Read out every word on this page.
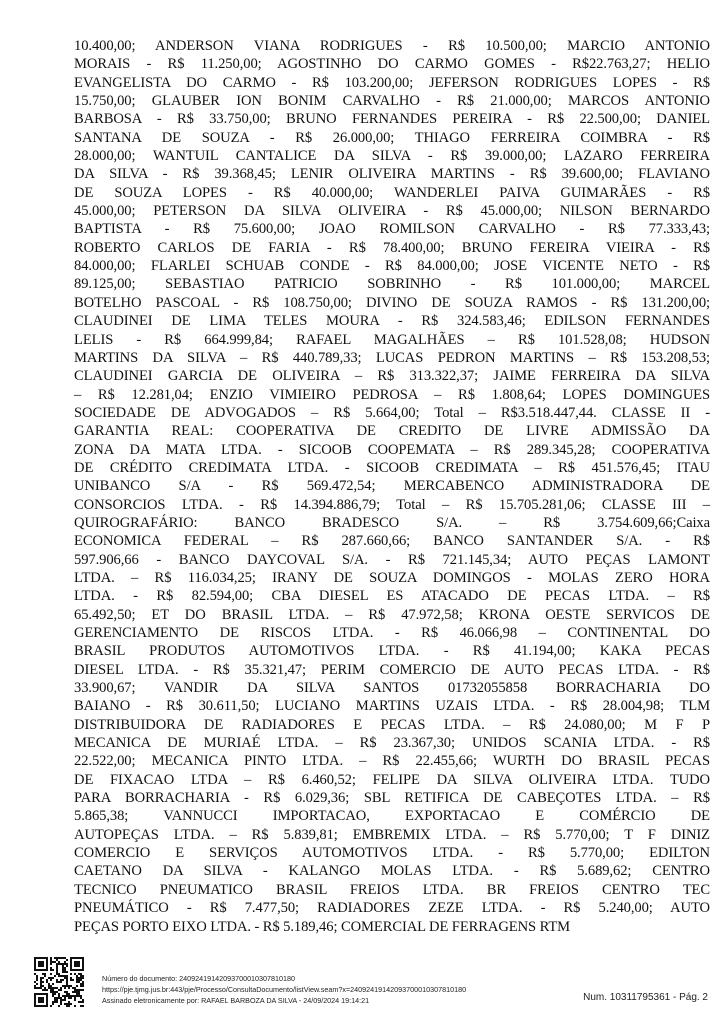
10.400,00; ANDERSON VIANA RODRIGUES - R$ 10.500,00; MARCIO ANTONIO
MORAIS - R$ 11.250,00; AGOSTINHO DO CARMO GOMES - R$22.763,27; HELIO
EVANGELISTA DO CARMO - R$ 103.200,00; JEFERSON RODRIGUES LOPES - R$
15.750,00; GLAUBER ION BONIM CARVALHO - R$ 21.000,00; MARCOS ANTONIO
BARBOSA - R$ 33.750,00; BRUNO FERNANDES PEREIRA - R$ 22.500,00; DANIEL
SANTANA DE SOUZA - R$ 26.000,00; THIAGO FERREIRA COIMBRA - R$
28.000,00; WANTUIL CANTALICE DA SILVA - R$ 39.000,00; LAZARO FERREIRA
DA SILVA - R$ 39.368,45; LENIR OLIVEIRA MARTINS - R$ 39.600,00; FLAVIANO
DE SOUZA LOPES - R$ 40.000,00; WANDERLEI PAIVA GUIMARÃES - R$
45.000,00; PETERSON DA SILVA OLIVEIRA - R$ 45.000,00; NILSON BERNARDO
BAPTISTA - R$ 75.600,00; JOAO ROMILSON CARVALHO - R$ 77.333,43;
ROBERTO CARLOS DE FARIA - R$ 78.400,00; BRUNO FEREIRA VIEIRA - R$
84.000,00; FLARLEI SCHUAB CONDE - R$ 84.000,00; JOSE VICENTE NETO - R$
89.125,00; SEBASTIAO PATRICIO SOBRINHO - R$ 101.000,00; MARCEL
BOTELHO PASCOAL - R$ 108.750,00; DIVINO DE SOUZA RAMOS - R$ 131.200,00;
CLAUDINEI DE LIMA TELES MOURA - R$ 324.583,46; EDILSON FERNANDES
LELIS - R$ 664.999,84; RAFAEL MAGALHÃES – R$ 101.528,08; HUDSON
MARTINS DA SILVA – R$ 440.789,33; LUCAS PEDRON MARTINS – R$ 153.208,53;
CLAUDINEI GARCIA DE OLIVEIRA – R$ 313.322,37; JAIME FERREIRA DA SILVA
– R$ 12.281,04; ENZIO VIMIEIRO PEDROSA – R$ 1.808,64; LOPES DOMINGUES
SOCIEDADE DE ADVOGADOS – R$ 5.664,00; Total – R$3.518.447,44. CLASSE II -
GARANTIA REAL: COOPERATIVA DE CREDITO DE LIVRE ADMISSÃO DA
ZONA DA MATA LTDA. - SICOOB COOPEMATA – R$ 289.345,28; COOPERATIVA
DE CRÉDITO CREDIMATA LTDA. - SICOOB CREDIMATA – R$ 451.576,45; ITAU
UNIBANCO S/A - R$ 569.472,54; MERCABENCO ADMINISTRADORA DE
CONSORCIOS LTDA. - R$ 14.394.886,79; Total – R$ 15.705.281,06; CLASSE III –
QUIROGRAFÁRIO: BANCO BRADESCO S/A. – R$ 3.754.609,66;Caixa
ECONOMICA FEDERAL – R$ 287.660,66; BANCO SANTANDER S/A. - R$
597.906,66 - BANCO DAYCOVAL S/A. - R$ 721.145,34; AUTO PEÇAS LAMONT
LTDA. – R$ 116.034,25; IRANY DE SOUZA DOMINGOS - MOLAS ZERO HORA
LTDA. - R$ 82.594,00; CBA DIESEL ES ATACADO DE PECAS LTDA. – R$
65.492,50; ET DO BRASIL LTDA. – R$ 47.972,58; KRONA OESTE SERVICOS DE
GERENCIAMENTO DE RISCOS LTDA. - R$ 46.066,98 – CONTINENTAL DO
BRASIL PRODUTOS AUTOMOTIVOS LTDA. - R$ 41.194,00; KAKA PECAS
DIESEL LTDA. - R$ 35.321,47; PERIM COMERCIO DE AUTO PECAS LTDA. - R$
33.900,67; VANDIR DA SILVA SANTOS 01732055858 BORRACHARIA DO
BAIANO - R$ 30.611,50; LUCIANO MARTINS UZAIS LTDA. - R$ 28.004,98; TLM
DISTRIBUIDORA DE RADIADORES E PECAS LTDA. – R$ 24.080,00; M F P
MECANICA DE MURIAÉ LTDA. – R$ 23.367,30; UNIDOS SCANIA LTDA. - R$
22.522,00; MECANICA PINTO LTDA. – R$ 22.455,66; WURTH DO BRASIL PECAS
DE FIXACAO LTDA – R$ 6.460,52; FELIPE DA SILVA OLIVEIRA LTDA. TUDO
PARA BORRACHARIA - R$ 6.029,36; SBL RETIFICA DE CABEÇOTES LTDA. – R$
5.865,38; VANNUCCI IMPORTACAO, EXPORTACAO E COMÉRCIO DE
AUTOPEÇAS LTDA. – R$ 5.839,81; EMBREMIX LTDA. – R$ 5.770,00; T F DINIZ
COMERCIO E SERVIÇOS AUTOMOTIVOS LTDA. - R$ 5.770,00; EDILTON
CAETANO DA SILVA - KALANGO MOLAS LTDA. - R$ 5.689,62; CENTRO
TECNICO PNEUMATICO BRASIL FREIOS LTDA. BR FREIOS CENTRO TEC
PNEUMÁTICO - R$ 7.477,50; RADIADORES ZEZE LTDA. - R$ 5.240,00; AUTO
PEÇAS PORTO EIXO LTDA. - R$ 5.189,46; COMERCIAL DE FERRAGENS RTM
Número do documento: 24092419142093700010307810180
https://pje.tjmg.jus.br:443/pje/Processo/ConsultaDocumento/listView.seam?x=24092419142093700010307810180
Assinado eletronicamente por: RAFAEL BARBOZA DA SILVA - 24/09/2024 19:14:21	Num. 10311795361 - Pág. 2
